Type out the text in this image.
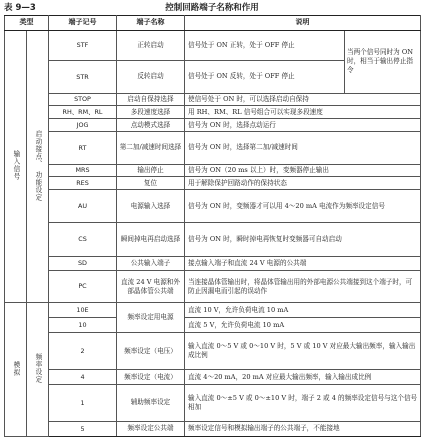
表 9—3	控制回路端子名称和作用
类型		端子记号	端子名称	说明	
输入信号	启动接点、功能设定	STF	正转启动	信号处于 ON 正转，处于 OFF 停止	当两个信号同时为 ON 时，相当于输出停止指令
		STR	反转启动	信号处于 ON 反转，处于 OFF 停止	
		STOP	启动自保持选择	使信号处于 ON 时，可以选择启动自保持	
		RH、RM、RL	多段速度选择	用 RH、RM、RL 信号组合可以实现多段速度	
		JOG	点动模式选择	信号为 ON 时，选择点动运行	
		RT	第二加/减速时间选择	信号为 ON 时，选择第二加/减速时间	
		MRS	输出停止	信号为 ON（20 ms 以上）时，变频器停止输出	
		RES	复位	用于解除保护回路动作的保持状态	
		AU	电源输入选择	信号为 ON 时，变频器才可以用 4～20 mA 电流作为频率设定信号	
		CS	瞬间掉电再启动选择	信号为 ON 时，瞬时掉电再恢复时变频器可自动启动	
		SD	公共输入端子	接点输入端子和直流 24 V 电源的公共端	
		PC	直流 24 V 电源和外部晶体管公共端	当连接晶体管输出时，将晶体管输出用的外部电源公共端接到这个端子时，可防止因漏电而引起的误动作	
模拟	频率设定	10E	频率设定用电源	直流 10 V，允许负荷电流 10 mA	
		10		直流 5 V，允许负荷电流 10 mA	
		2	频率设定（电压）	输入直流 0～5 V 或 0～10 V 时，5 V 或 10 V 对应最大输出频率，输入输出成比例	
		4	频率设定（电流）	直流 4～20 mA，20 mA 对应最大输出频率，输入输出成比例	
		1	辅助频率设定	输入直流 0～±5 V 或 0～±10 V 时，端子 2 或 4 的频率设定信号与这个信号相加	
		5	频率设定公共端	频率设定信号和模拟输出端子的公共端子，不能接地	
